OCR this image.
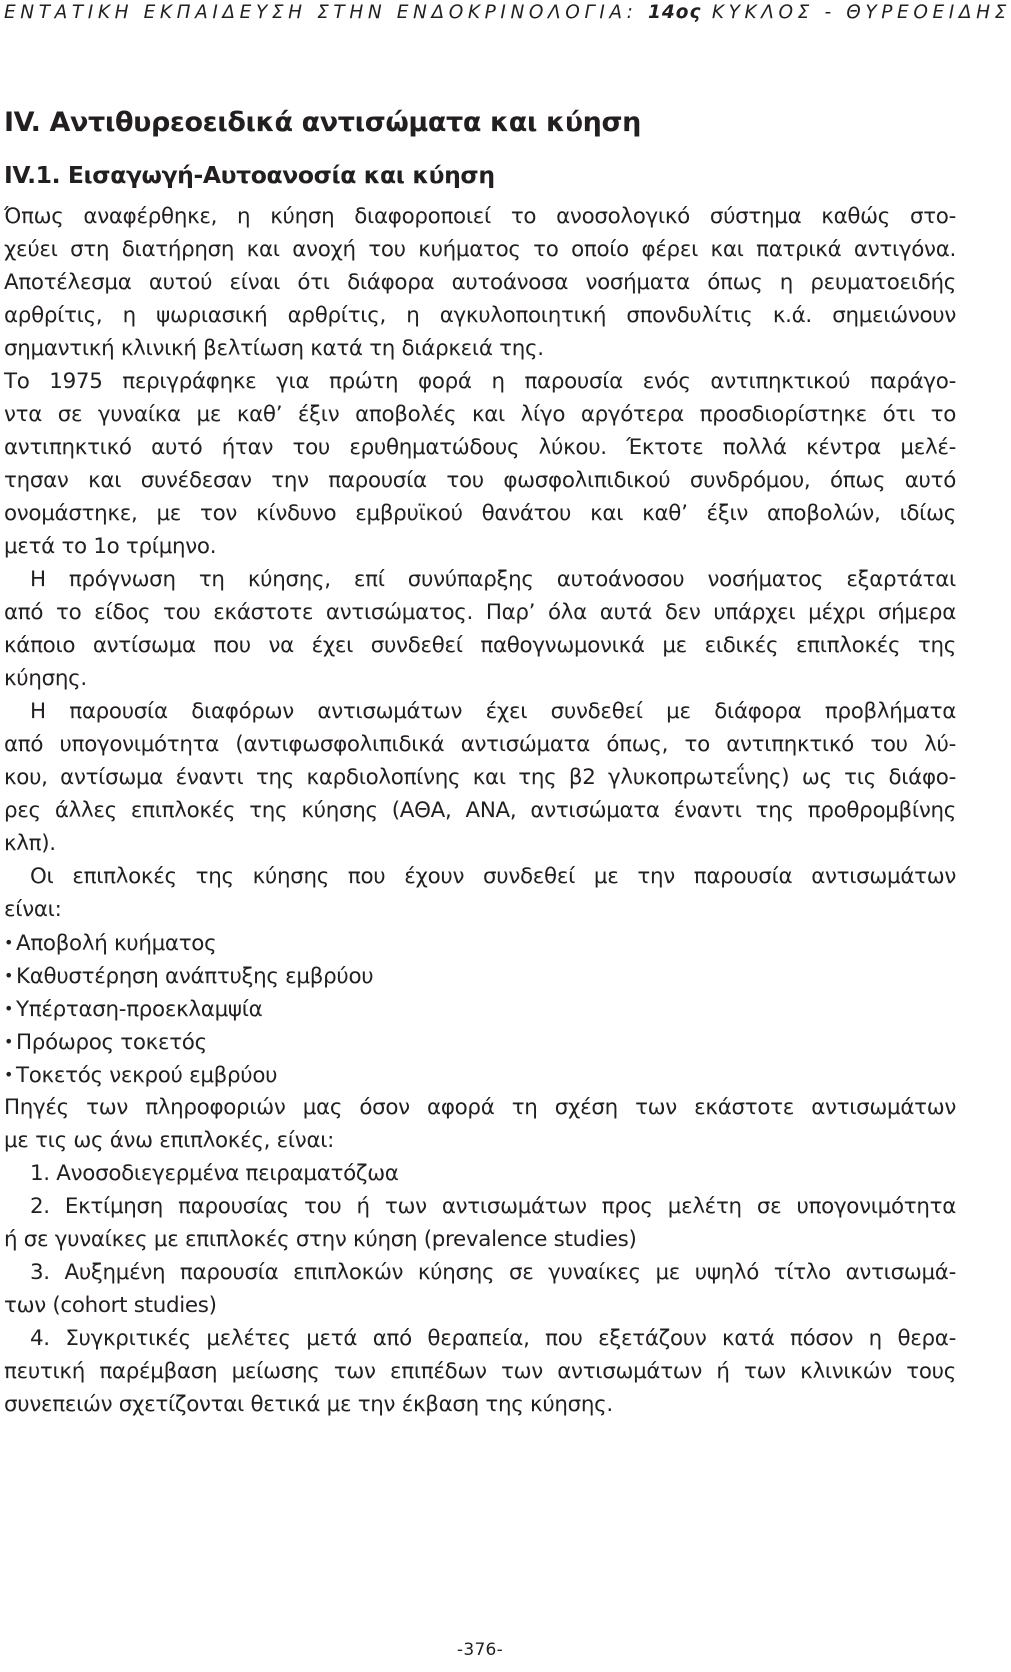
ΕΝΤΑΤΙΚΗ ΕΚΠΑΙΔΕΥΣΗ ΣΤΗΝ ΕΝΔΟΚΡΙΝΟΛΟΓΙΑ: 14ος ΚΥΚΛΟΣ - ΘΥΡΕΟΕΙΔΗΣ
IV. Αντιθυρεοειδικά αντισώματα και κύηση
IV.1. Εισαγωγή-Αυτοανοσία και κύηση
Όπως αναφέρθηκε, η κύηση διαφοροποιεί το ανοσολογικό σύστημα καθώς στο-
χεύει στη διατήρηση και ανοχή του κυήματος το οποίο φέρει και πατρικά αντιγόνα.
Αποτέλεσμα αυτού είναι ότι διάφορα αυτοάνοσα νοσήματα όπως η ρευματοειδής
αρθρίτις, η ψωριασική αρθρίτις, η αγκυλοποιητική σπονδυλίτις κ.ά. σημειώνουν
σημαντική κλινική βελτίωση κατά τη διάρκειά της.
Το 1975 περιγράφηκε για πρώτη φορά η παρουσία ενός αντιπηκτικού παράγο-
ντα σε γυναίκα με καθ’ έξιν αποβολές και λίγο αργότερα προσδιορίστηκε ότι το
αντιπηκτικό αυτό ήταν του ερυθηματώδους λύκου. Έκτοτε πολλά κέντρα μελέ-
τησαν και συνέδεσαν την παρουσία του φωσφολιπιδικού συνδρόμου, όπως αυτό
ονομάστηκε, με τον κίνδυνο εμβρυϊκού θανάτου και καθ’ έξιν αποβολών, ιδίως
μετά το 1ο τρίμηνο.
Η πρόγνωση τη κύησης, επί συνύπαρξης αυτοάνοσου νοσήματος εξαρτάται
από το είδος του εκάστοτε αντισώματος. Παρ’ όλα αυτά δεν υπάρχει μέχρι σήμερα
κάποιο αντίσωμα που να έχει συνδεθεί παθογνωμονικά με ειδικές επιπλοκές της
κύησης.
Η παρουσία διαφόρων αντισωμάτων έχει συνδεθεί με διάφορα προβλήματα
από υπογονιμότητα (αντιφωσφολιπιδικά αντισώματα όπως, το αντιπηκτικό του λύ-
κου, αντίσωμα έναντι της καρδιολοπίνης και της β2 γλυκοπρωτεΐνης) ως τις διάφο-
ρες άλλες επιπλοκές της κύησης (ΑΘΑ, ΑΝΑ, αντισώματα έναντι της προθρομβίνης
κλπ).
Οι επιπλοκές της κύησης που έχουν συνδεθεί με την παρουσία αντισωμάτων
είναι:
• Αποβολή κυήματος
• Καθυστέρηση ανάπτυξης εμβρύου
• Υπέρταση-προεκλαμψία
• Πρόωρος τοκετός
• Τοκετός νεκρού εμβρύου
Πηγές των πληροφοριών μας όσον αφορά τη σχέση των εκάστοτε αντισωμάτων
με τις ως άνω επιπλοκές, είναι:
1. Ανοσοδιεγερμένα πειραματόζωα
2. Εκτίμηση παρουσίας του ή των αντισωμάτων προς μελέτη σε υπογονιμότητα
ή σε γυναίκες με επιπλοκές στην κύηση (prevalence studies)
3. Αυξημένη παρουσία επιπλοκών κύησης σε γυναίκες με υψηλό τίτλο αντισωμά-
των (cohort studies)
4. Συγκριτικές μελέτες μετά από θεραπεία, που εξετάζουν κατά πόσον η θερα-
πευτική παρέμβαση μείωσης των επιπέδων των αντισωμάτων ή των κλινικών τους
συνεπειών σχετίζονται θετικά με την έκβαση της κύησης.
-376-
